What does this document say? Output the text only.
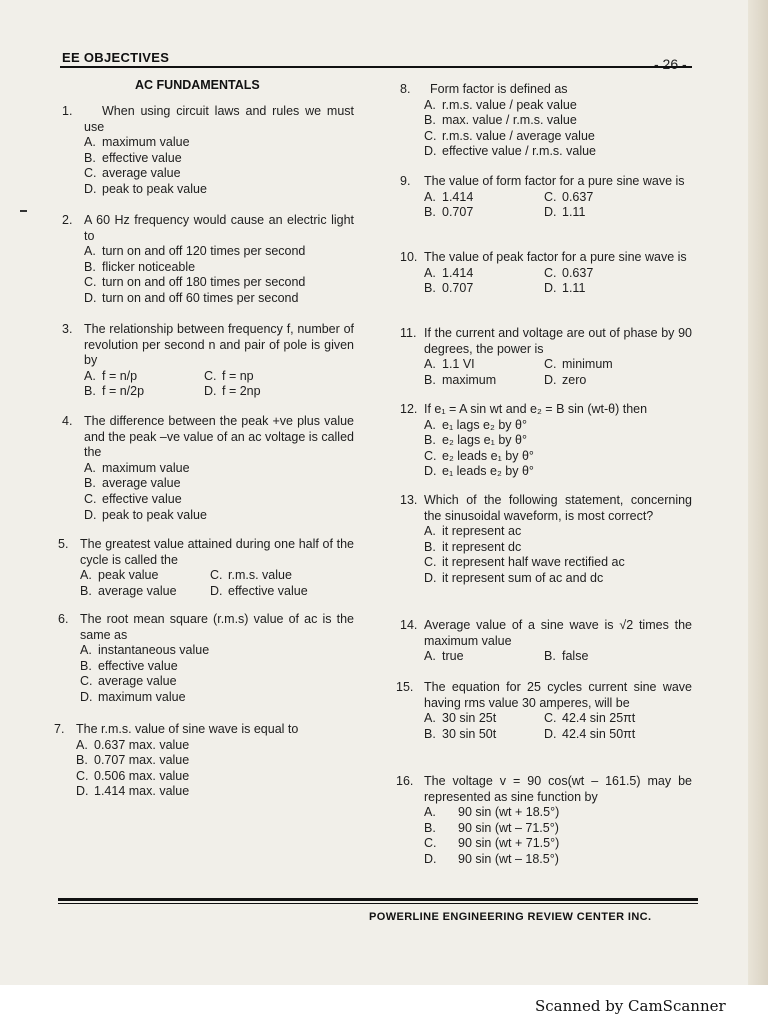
EE OBJECTIVES	- 26 -
AC FUNDAMENTALS
1.	When using circuit laws and rules we must use
A. maximum value
B. effective value
C. average value
D. peak to peak value
2. A 60 Hz frequency would cause an electric light to
A. turn on and off 120 times per second
B. flicker noticeable
C. turn on and off 180 times per second
D. turn on and off 60 times per second
3. The relationship between frequency f, number of revolution per second n and pair of pole is given by
A. f = n/p	C. f = np
B. f = n/2p	D. f = 2np
4. The difference between the peak +ve plus value and the peak –ve value of an ac voltage is called the
A. maximum value
B. average value
C. effective value
D. peak to peak value
5. The greatest value attained during one half of the cycle is called the
A. peak value	C. r.m.s. value
B. average value	D. effective value
6. The root mean square (r.m.s) value of ac is the same as
A. instantaneous value
B. effective value
C. average value
D. maximum value
7. The r.m.s. value of sine wave is equal to
A. 0.637 max. value
B. 0.707 max. value
C. 0.506 max. value
D. 1.414 max. value
8.	Form factor is defined as
A. r.m.s. value / peak value
B. max. value / r.m.s. value
C. r.m.s. value / average value
D. effective value / r.m.s. value
9.	The value of form factor for a pure sine wave is
A. 1.414	C. 0.637
B. 0.707	D. 1.11
10. The value of peak factor for a pure sine wave is
A. 1.414	C. 0.637
B. 0.707	D. 1.11
11. If the current and voltage are out of phase by 90 degrees, the power is
A. 1.1 VI	C. minimum
B. maximum	D. zero
12. If e₁ = A sin wt and e₂ = B sin (wt-θ) then
A. e₁ lags e₂ by θ°
B. e₂ lags e₁ by θ°
C. e₂ leads e₁ by θ°
D. e₁ leads e₂ by θ°
13. Which of the following statement, concerning the sinusoidal waveform, is most correct?
A. it represent ac
B. it represent dc
C. it represent half wave rectified ac
D. it represent sum of ac and dc
14. Average value of a sine wave is √2 times the maximum value
A. true	B. false
15. The equation for 25 cycles current sine wave having rms value 30 amperes, will be
A. 30 sin 25t	C. 42.4 sin 25πt
B. 30 sin 50t	D. 42.4 sin 50πt
16. The voltage v = 90 cos(wt – 161.5) may be represented as sine function by
A.	90 sin (wt + 18.5°)
B.	90 sin (wt – 71.5°)
C.	90 sin (wt + 71.5°)
D.	90 sin (wt – 18.5°)
POWERLINE ENGINEERING REVIEW CENTER INC.
Scanned by CamScanner
